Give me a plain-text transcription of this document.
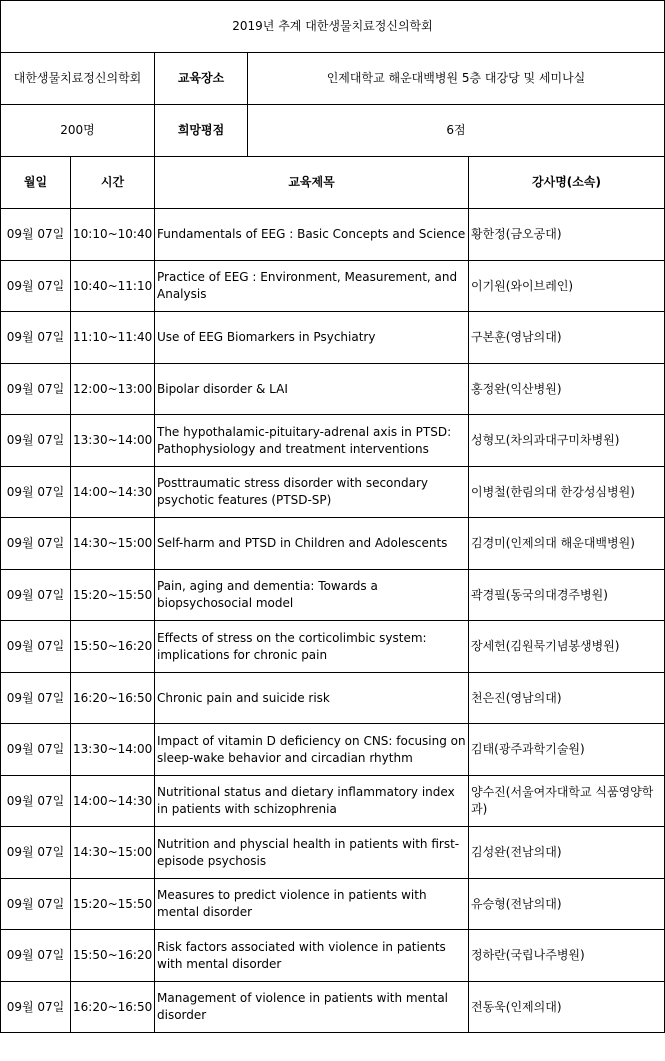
2019년 추계 대한생물치료정신의학회				
대한생물치료정신의학회		교육장소	인제대학교 해운대백병원 5층 대강당 및 세미나실	
200명		희망평점	6점	
월일	시간	교육제목		강사명(소속)
09월 07일	10:10~10:40	Fundamentals of EEG : Basic Concepts and Science		황한정(금오공대)
09월 07일	10:40~11:10	Practice of EEG : Environment, Measurement, and Analysis		이기원(와이브레인)
09월 07일	11:10~11:40	Use of EEG Biomarkers in Psychiatry		구본훈(영남의대)
09월 07일	12:00~13:00	Bipolar disorder & LAI		홍정완(익산병원)
09월 07일	13:30~14:00	The hypothalamic-pituitary-adrenal axis in PTSD: Pathophysiology and treatment interventions		성형모(차의과대구미차병원)
09월 07일	14:00~14:30	Posttraumatic stress disorder with secondary psychotic features (PTSD-SP)		이병철(한림의대 한강성심병원)
09월 07일	14:30~15:00	Self-harm and PTSD in Children and Adolescents		김경미(인제의대 해운대백병원)
09월 07일	15:20~15:50	Pain, aging and dementia: Towards a biopsychosocial model		곽경필(동국의대경주병원)
09월 07일	15:50~16:20	Effects of stress on the corticolimbic system: implications for chronic pain		장세헌(김원묵기념봉생병원)
09월 07일	16:20~16:50	Chronic pain and suicide risk		천은진(영남의대)
09월 07일	13:30~14:00	Impact of vitamin D deficiency on CNS: focusing on sleep-wake behavior and circadian rhythm		김태(광주과학기술원)
09월 07일	14:00~14:30	Nutritional status and dietary inflammatory index in patients with schizophrenia		양수진(서울여자대학교 식품영양학과)
09월 07일	14:30~15:00	Nutrition and physcial health in patients with first-episode psychosis		김성완(전남의대)
09월 07일	15:20~15:50	Measures to predict violence in patients with mental disorder		유승형(전남의대)
09월 07일	15:50~16:20	Risk factors associated with violence in patients with mental disorder		정하란(국립나주병원)
09월 07일	16:20~16:50	Management of violence in patients with mental disorder		전동욱(인제의대)
